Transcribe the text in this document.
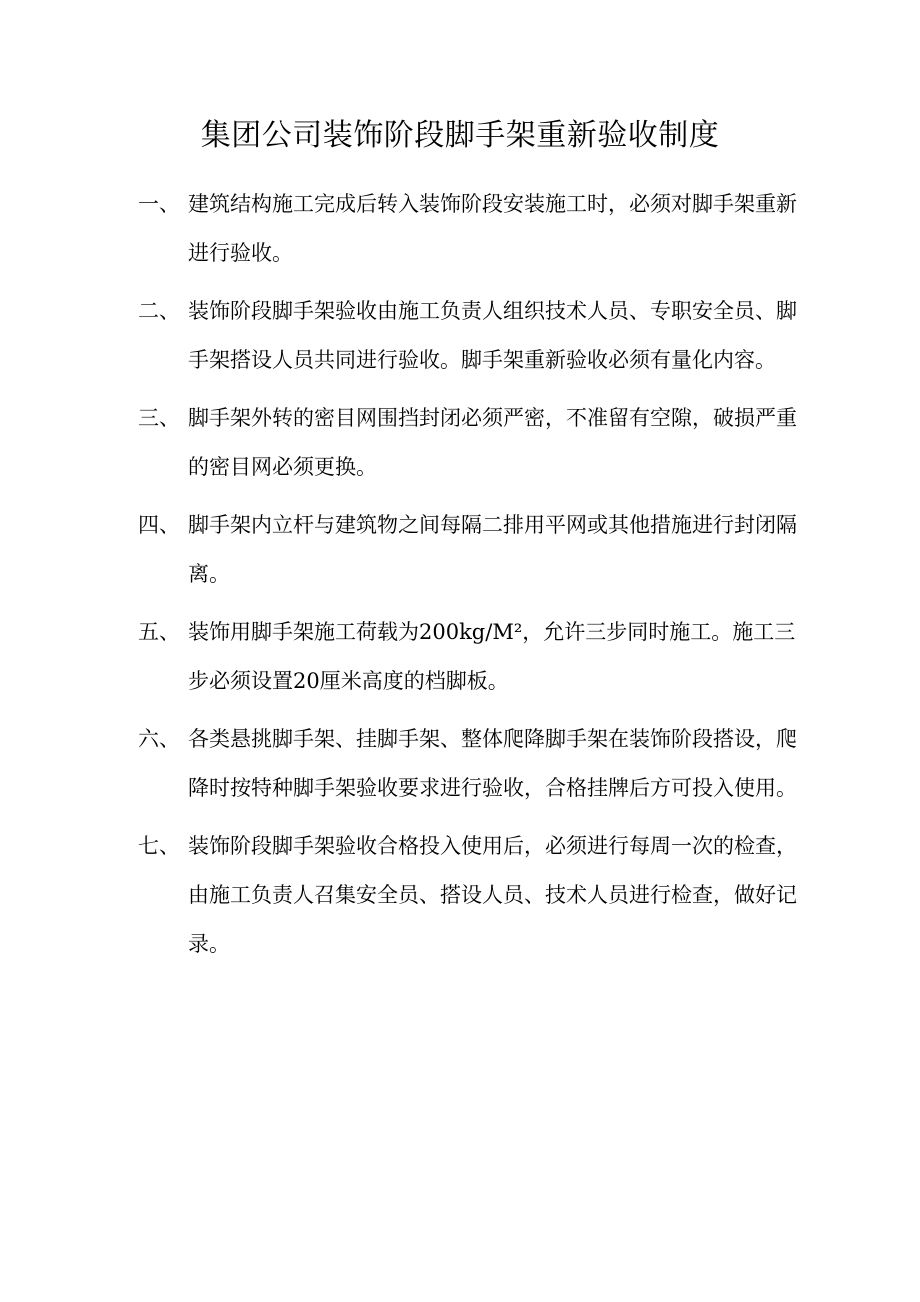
集团公司装饰阶段脚手架重新验收制度
一、 建筑结构施工完成后转入装饰阶段安装施工时，必须对脚手架重新进行验收。
二、 装饰阶段脚手架验收由施工负责人组织技术人员、专职安全员、脚手架搭设人员共同进行验收。脚手架重新验收必须有量化内容。
三、 脚手架外转的密目网围挡封闭必须严密，不准留有空隙，破损严重的密目网必须更换。
四、 脚手架内立杆与建筑物之间每隔二排用平网或其他措施进行封闭隔离。
五、 装饰用脚手架施工荷载为200kg/M²，允许三步同时施工。施工三步必须设置20厘米高度的档脚板。
六、 各类悬挑脚手架、挂脚手架、整体爬降脚手架在装饰阶段搭设，爬降时按特种脚手架验收要求进行验收，合格挂牌后方可投入使用。
七、 装饰阶段脚手架验收合格投入使用后，必须进行每周一次的检查，由施工负责人召集安全员、搭设人员、技术人员进行检查，做好记录。
